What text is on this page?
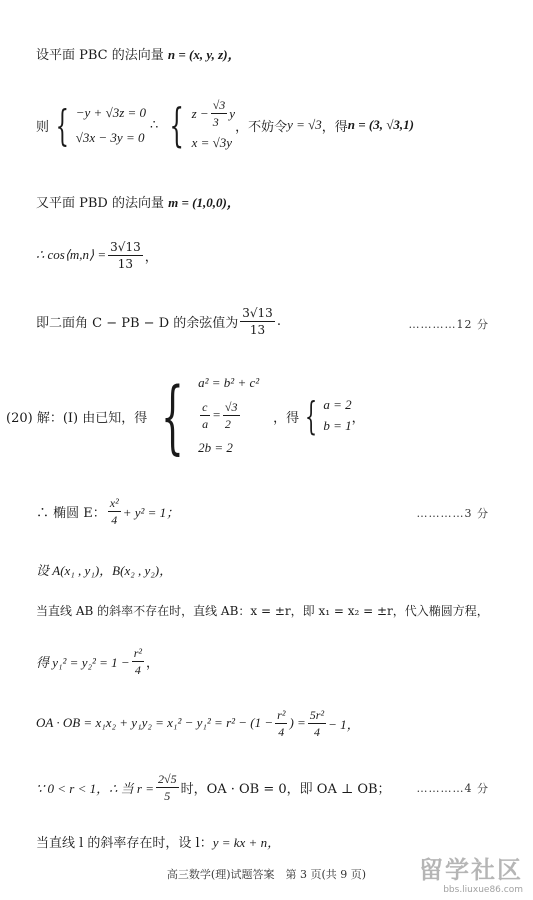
设平面 PBC 的法向量 n = (x, y, z)，
则 { −y + √3z = 0
√3x − 3y = 0
∴ { $z - \frac{√3}{3}$ y
x = √3y
，不妨令 y = √3 ，得 n = (3, √3,1)
又平面 PBD 的法向量 m = (1,0,0)，
∴ cos⟨m,n⟩ = $\frac{3√13}{13}$ ，
即二面角 C − PB − D 的余弦值为 $\frac{3√13}{13}$ .	…………12 分
(20) 解：(Ⅰ) 由已知，得 { a² = b² + c²
$\frac{c}{a} = \frac{√3}{2}$
2b = 2
，得 { a = 2
b = 1 ，
∴ 椭圆 E： $\frac{\text{x²}}{4} + y^2 = 1$；	…………3 分
设 A(x₁ , y₁)，B(x₂ , y₂)，
当直线 AB 的斜率不存在时，直线 AB：x = ±r，即 x₁ = x₂ = ±r，代入椭圆方程，
得 $y_1^2 = y_2^2 = 1 - \frac{\text{r²}}{4}$ ，
OA · OB = $x_1x_2 + y_1y_2 = x_1^2 - y_1^2 = r^2 - (1 - \frac{\text{r²}}{4}$ ) = $\frac{\text{5r²}}{4} - 1$，
∵ 0 < r < 1，∴ 当 $r = \frac{2√5}{5}$ 时，OA · OB = 0，即 OA ⊥ OB； …………4 分
当直线 l 的斜率存在时，设 l：y = kx + n，
高三数学(理)试题答案　第 3 页(共 9 页)	留学社区
bbs.liuxue86.com
